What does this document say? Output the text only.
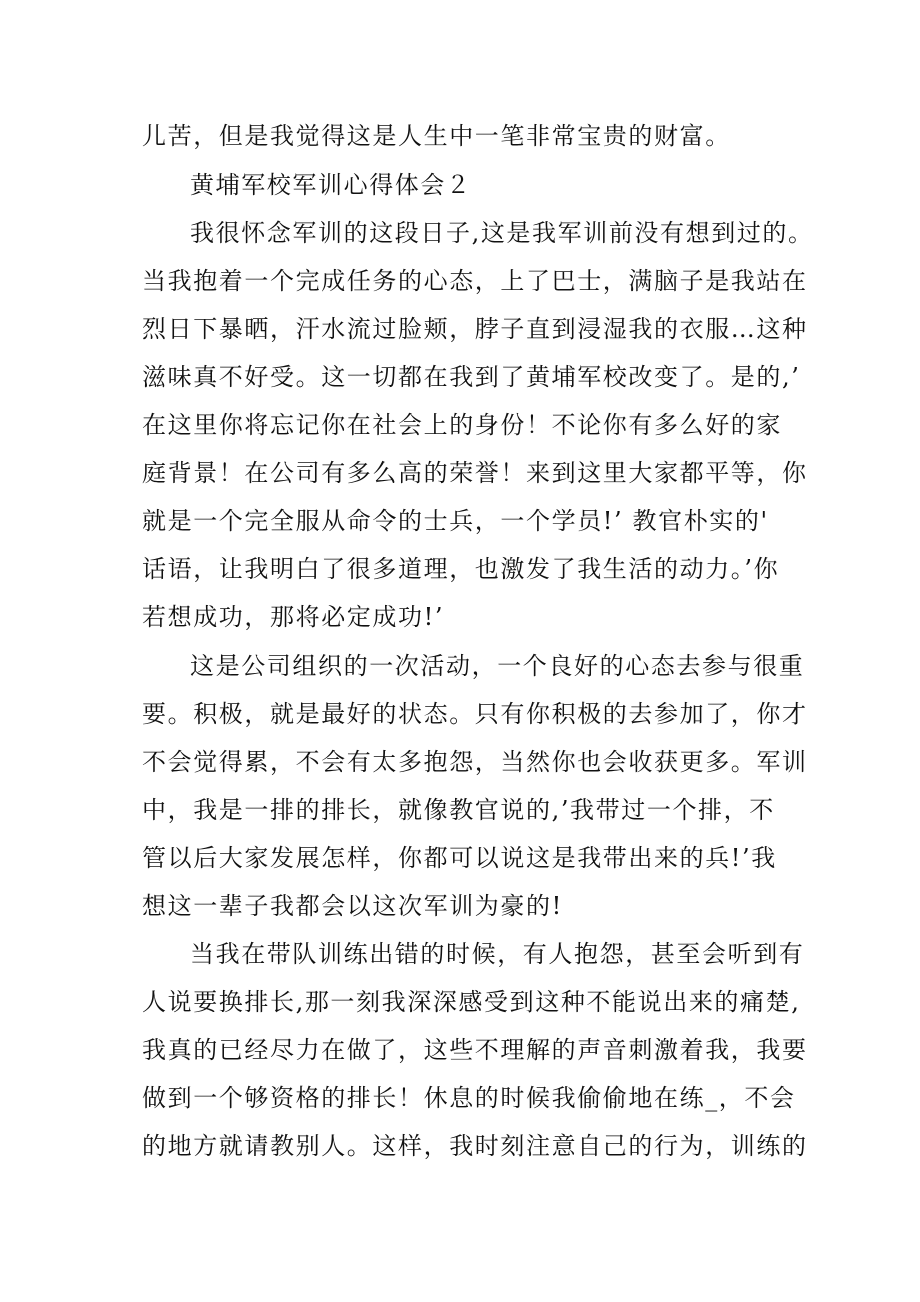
儿苦，但是我觉得这是人生中一笔非常宝贵的财富。
黄埔军校军训心得体会２
我很怀念军训的这段日子,这是我军训前没有想到过的。
当我抱着一个完成任务的心态，上了巴士，满脑子是我站在
烈日下暴晒，汗水流过脸颊，脖子直到浸湿我的衣服…这种
滋味真不好受。这一切都在我到了黄埔军校改变了。是的,’
在这里你将忘记你在社会上的身份！不论你有多么好的家
庭背景！在公司有多么高的荣誉！来到这里大家都平等，你
就是一个完全服从命令的士兵，一个学员!’ 教官朴实的'
话语，让我明白了很多道理，也激发了我生活的动力。’你
若想成功，那将必定成功!’
这是公司组织的一次活动，一个良好的心态去参与很重
要。积极，就是最好的状态。只有你积极的去参加了，你才
不会觉得累，不会有太多抱怨，当然你也会收获更多。军训
中，我是一排的排长，就像教官说的,’我带过一个排，不
管以后大家发展怎样，你都可以说这是我带出来的兵!’我
想这一辈子我都会以这次军训为豪的!
当我在带队训练出错的时候，有人抱怨，甚至会听到有
人说要换排长,那一刻我深深感受到这种不能说出来的痛楚,
我真的已经尽力在做了，这些不理解的声音刺激着我，我要
做到一个够资格的排长！休息的时候我偷偷地在练_，不会
的地方就请教别人。这样，我时刻注意自己的行为，训练的
